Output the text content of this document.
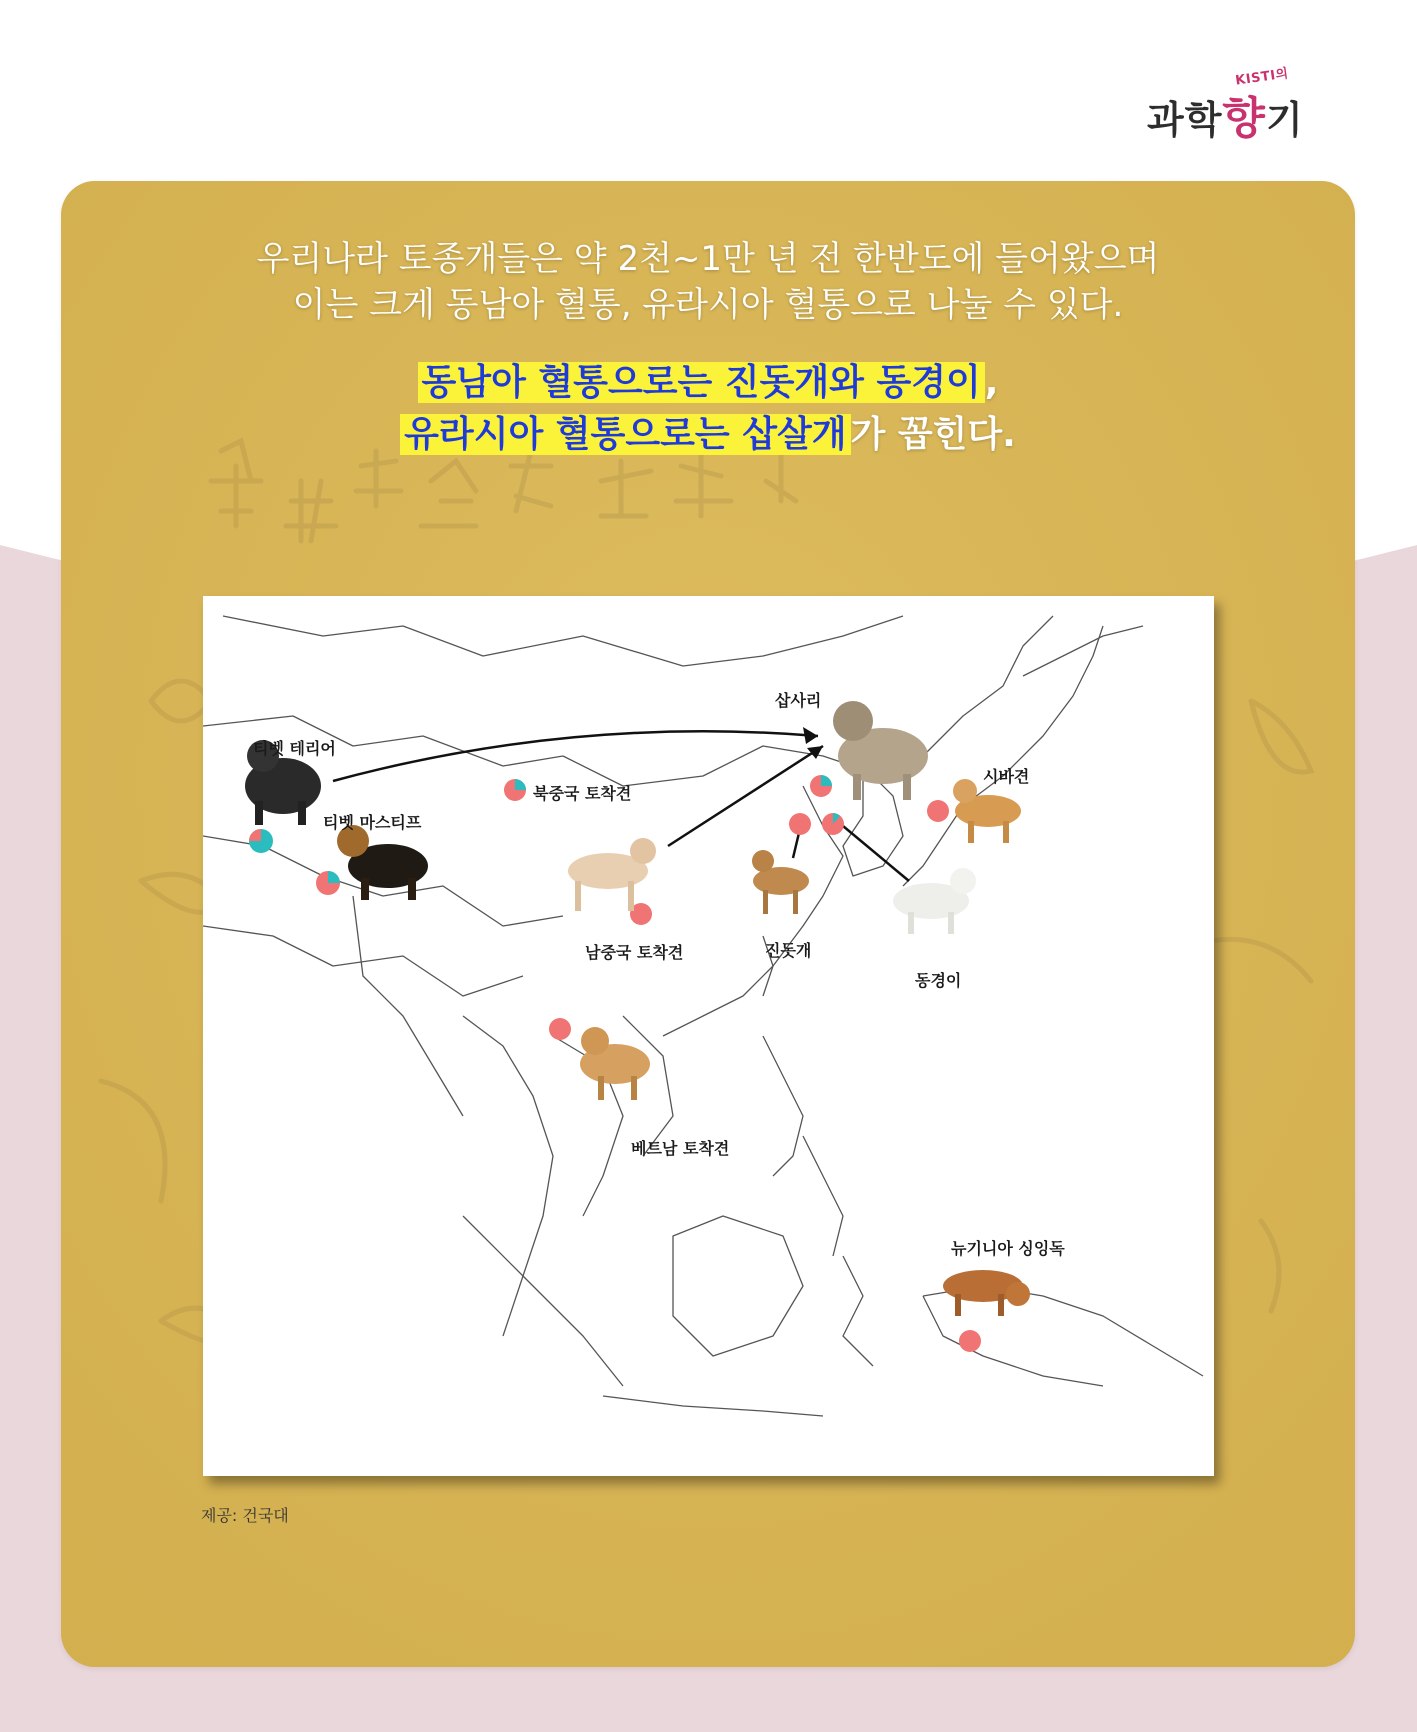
KISTI의
과학향기
우리나라 토종개들은 약 2천~1만 년 전 한반도에 들어왔으며
이는 크게 동남아 혈통, 유라시아 혈통으로 나눌 수 있다.
동남아 혈통으로는 진돗개와 동경이 ,
유라시아 혈통으로는 삽살개 가 꼽힌다.
삽사리
티벳 테리어
티벳 마스티프
북중국 토착견
남중국 토착견	진돗개
동경이
시바견
베트남 토착견
뉴기니아 싱잉독
제공: 건국대
